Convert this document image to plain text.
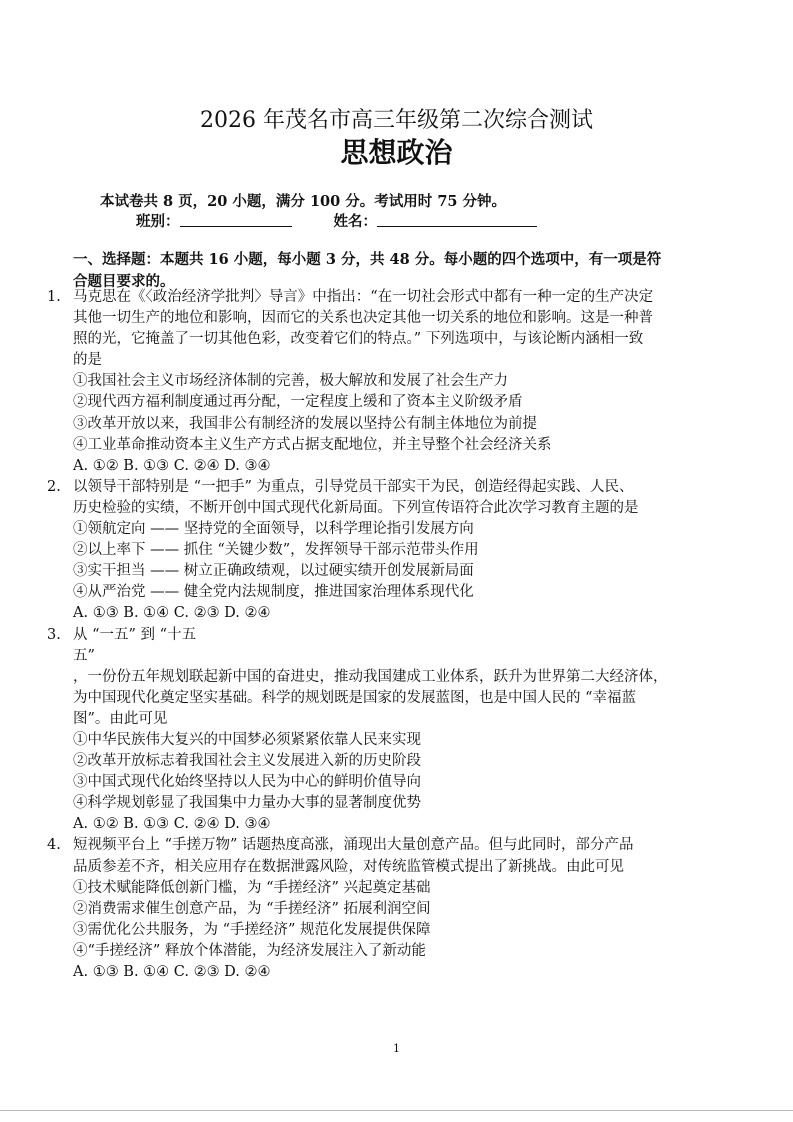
2026 年茂名市高三年级第二次综合测试
思想政治
本试卷共 8 页，20 小题，满分 100 分。考试用时 75 分钟。
班别：	姓名：
一、选择题：本题共 16 小题，每小题 3 分，共 48 分。每小题的四个选项中，有一项是符
合题目要求的。
1. 马克思在《〈政治经济学批判〉导言》中指出：“在一切社会形式中都有一种一定的生产决定
其他一切生产的地位和影响，因而它的关系也决定其他一切关系的地位和影响。这是一种普
照的光，它掩盖了一切其他色彩，改变着它们的特点。” 下列选项中，与该论断内涵相一致
的是
①我国社会主义市场经济体制的完善，极大解放和发展了社会生产力
②现代西方福利制度通过再分配，一定程度上缓和了资本主义阶级矛盾
③改革开放以来，我国非公有制经济的发展以坚持公有制主体地位为前提
④工业革命推动资本主义生产方式占据支配地位，并主导整个社会经济关系
A. ①② B. ①③ C. ②④ D. ③④
2. 以领导干部特别是 “一把手” 为重点，引导党员干部实干为民，创造经得起实践、人民、
历史检验的实绩，不断开创中国式现代化新局面。下列宣传语符合此次学习教育主题的是
①领航定向 —— 坚持党的全面领导，以科学理论指引发展方向
②以上率下 —— 抓住 “关键少数”，发挥领导干部示范带头作用
③实干担当 —— 树立正确政绩观，以过硬实绩开创发展新局面
④从严治党 —— 健全党内法规制度，推进国家治理体系现代化
A. ①③ B. ①④ C. ②③ D. ②④
3. 从 “一五” 到 “十五
五”
，一份份五年规划联起新中国的奋进史，推动我国建成工业体系，跃升为世界第二大经济体，
为中国现代化奠定坚实基础。科学的规划既是国家的发展蓝图，也是中国人民的 “幸福蓝
图”。由此可见
①中华民族伟大复兴的中国梦必须紧紧依靠人民来实现
②改革开放标志着我国社会主义发展进入新的历史阶段
③中国式现代化始终坚持以人民为中心的鲜明价值导向
④科学规划彰显了我国集中力量办大事的显著制度优势
A. ①② B. ①③ C. ②④ D. ③④
4. 短视频平台上 “手搓万物” 话题热度高涨，涌现出大量创意产品。但与此同时，部分产品
品质参差不齐，相关应用存在数据泄露风险，对传统监管模式提出了新挑战。由此可见
①技术赋能降低创新门槛，为 “手搓经济” 兴起奠定基础
②消费需求催生创意产品，为 “手搓经济” 拓展利润空间
③需优化公共服务，为 “手搓经济” 规范化发展提供保障
④“手搓经济” 释放个体潜能，为经济发展注入了新动能
A. ①③ B. ①④ C. ②③ D. ②④
1
